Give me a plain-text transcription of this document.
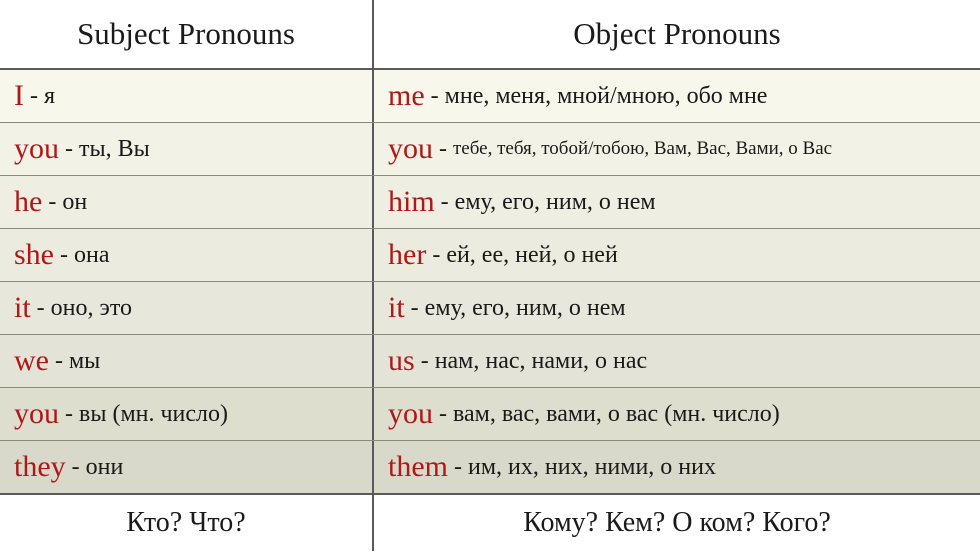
Subject Pronouns	Object Pronouns
I - я	me - мне, меня, мной/мною, обо мне
you - ты, Вы	you - тебе, тебя, тобой/тобою, Вам, Вас, Вами, о Вас
he - он	him - ему, его, ним, о нем
she - она	her - ей, ее, ней, о ней
it - оно, это	it - ему, его, ним, о нем
we - мы	us - нам, нас, нами, о нас
you - вы (мн. число)	you - вам, вас, вами, о вас (мн. число)
they - они	them - им, их, них, ними, о них
Кто? Что?	Кому? Кем? О ком? Кого?
